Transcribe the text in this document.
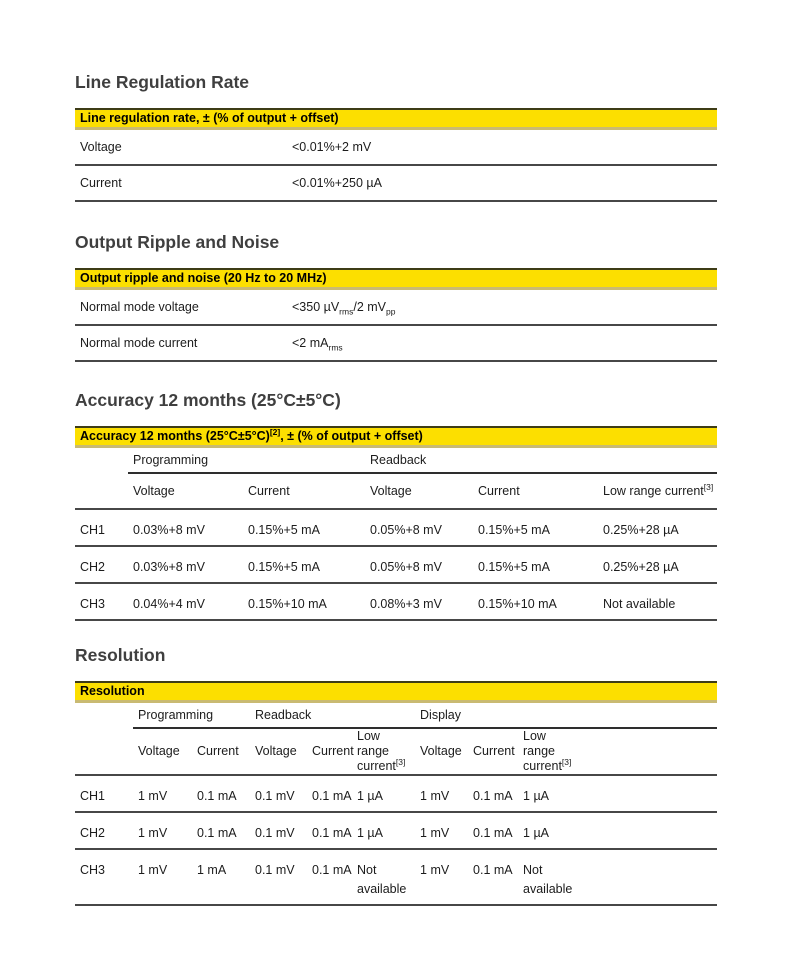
Line Regulation Rate
Line regulation rate, ± (% of output + offset)
Voltage	<0.01%+2 mV
Current	<0.01%+250 µA
Output Ripple and Noise
Output ripple and noise (20 Hz to 20 MHz)
Normal mode voltage	<350 µV$_{rms}$/2 $mV_{pp}$
Normal mode current	<2 $mA_{rms}$
Accuracy 12 months (25°C±5°C)
Accuracy 12 months (25°C±5°C)[2], ± (% of output + offset)
	Programming		Readback		
	Voltage	Current	Voltage	Current	Low range current[3]
CH1	0.03%+8 mV	0.15%+5 mA	0.05%+8 mV	0.15%+5 mA	0.25%+28 µA
CH2	0.03%+8 mV	0.15%+5 mA	0.05%+8 mV	0.15%+5 mA	0.25%+28 µA
CH3	0.04%+4 mV	0.15%+10 mA	0.08%+3 mV	0.15%+10 mA	Not available
Resolution
Resolution
	Programming		Readback			Display			
	Voltage	Current	Voltage	Current	Low range current[3]	Voltage	Current	Low range current[3]	
CH1	1 mV	0.1 mA	0.1 mV	0.1 mA	1 µA	1 mV	0.1 mA	1 µA	
CH2	1 mV	0.1 mA	0.1 mV	0.1 mA	1 µA	1 mV	0.1 mA	1 µA	
CH3	1 mV	1 mA	0.1 mV	0.1 mA	Not available	1 mV	0.1 mA	Not available	
